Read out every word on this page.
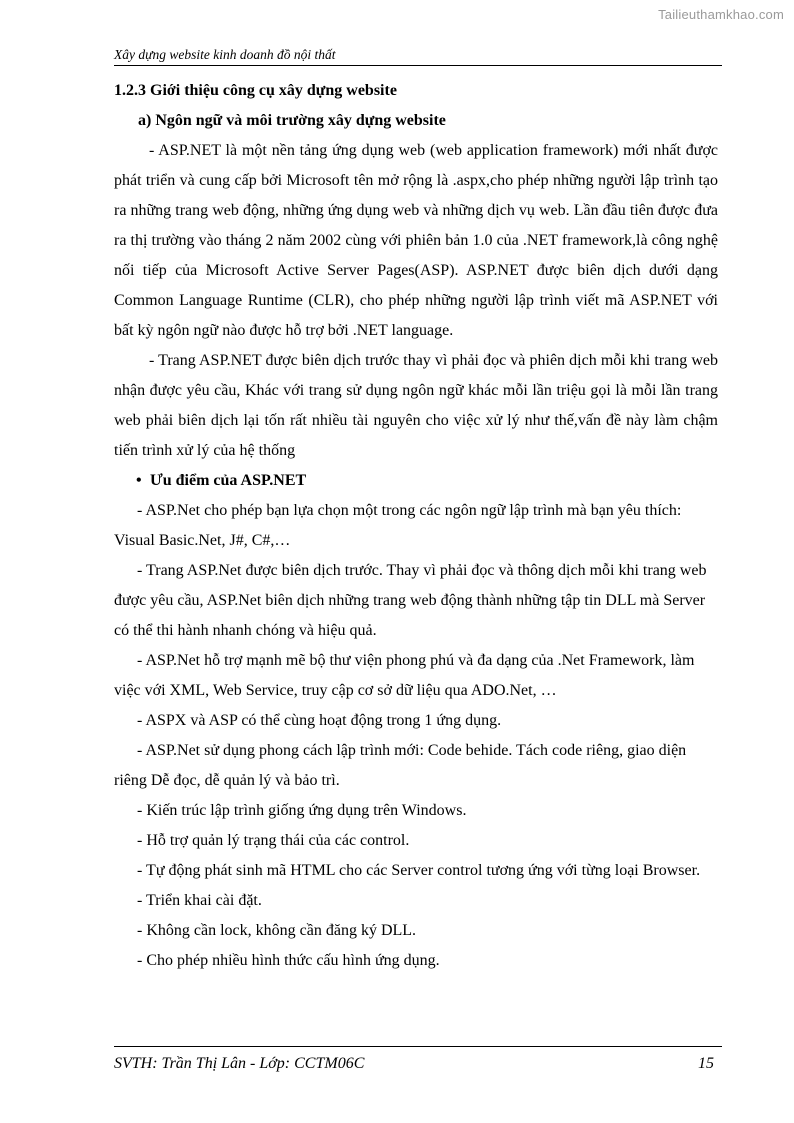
Tailieuthamkhao.com
Xây dựng website kinh doanh đồ nội thất

1.2.3 Giới thiệu công cụ xây dựng website

a) Ngôn ngữ và môi trường xây dựng website

- ASP.NET là một nền tảng ứng dụng web (web application framework) mới nhất được phát triển và cung cấp bởi Microsoft tên mở rộng là .aspx,cho phép những người lập trình tạo ra những trang web động, những ứng dụng web và những dịch vụ web. Lần đầu tiên được đưa ra thị trường vào tháng 2 năm 2002 cùng với phiên bản 1.0 của .NET framework,là công nghệ nối tiếp của Microsoft Active Server Pages(ASP). ASP.NET được biên dịch dưới dạng Common Language Runtime (CLR), cho phép những người lập trình viết mã ASP.NET với bất kỳ ngôn ngữ nào được hỗ trợ bởi .NET language.

- Trang ASP.NET được biên dịch trước thay vì phải đọc và phiên dịch mỗi khi trang web nhận được yêu cầu, Khác với trang sử dụng ngôn ngữ khác mỗi lần triệu gọi là mỗi lần trang web phải biên dịch lại tốn rất nhiều tài nguyên cho việc xử lý như thế,vấn đề này làm chậm tiến trình xử lý của hệ thống

• Ưu điểm của ASP.NET

- ASP.Net cho phép bạn lựa chọn một trong các ngôn ngữ lập trình mà bạn yêu thích: Visual Basic.Net, J#, C#,…

- Trang ASP.Net được biên dịch trước. Thay vì phải đọc và thông dịch mỗi khi trang web được yêu cầu, ASP.Net biên dịch những trang web động thành những tập tin DLL mà Server có thể thi hành nhanh chóng và hiệu quả.

- ASP.Net hỗ trợ mạnh mẽ bộ thư viện phong phú và đa dạng của .Net Framework, làm việc với XML, Web Service, truy cập cơ sở dữ liệu qua ADO.Net, …

- ASPX và ASP có thể cùng hoạt động trong 1 ứng dụng.

- ASP.Net sử dụng phong cách lập trình mới: Code behide. Tách code riêng, giao diện riêng Dễ đọc, dễ quản lý và bảo trì.

- Kiến trúc lập trình giống ứng dụng trên Windows.

- Hỗ trợ quản lý trạng thái của các control.

- Tự động phát sinh mã HTML cho các Server control tương ứng với từng loại Browser.

- Triển khai cài đặt.

- Không cần lock, không cần đăng ký DLL.

- Cho phép nhiều hình thức cấu hình ứng dụng.

SVTH: Trần Thị Lân - Lớp: CCTM06C	15
